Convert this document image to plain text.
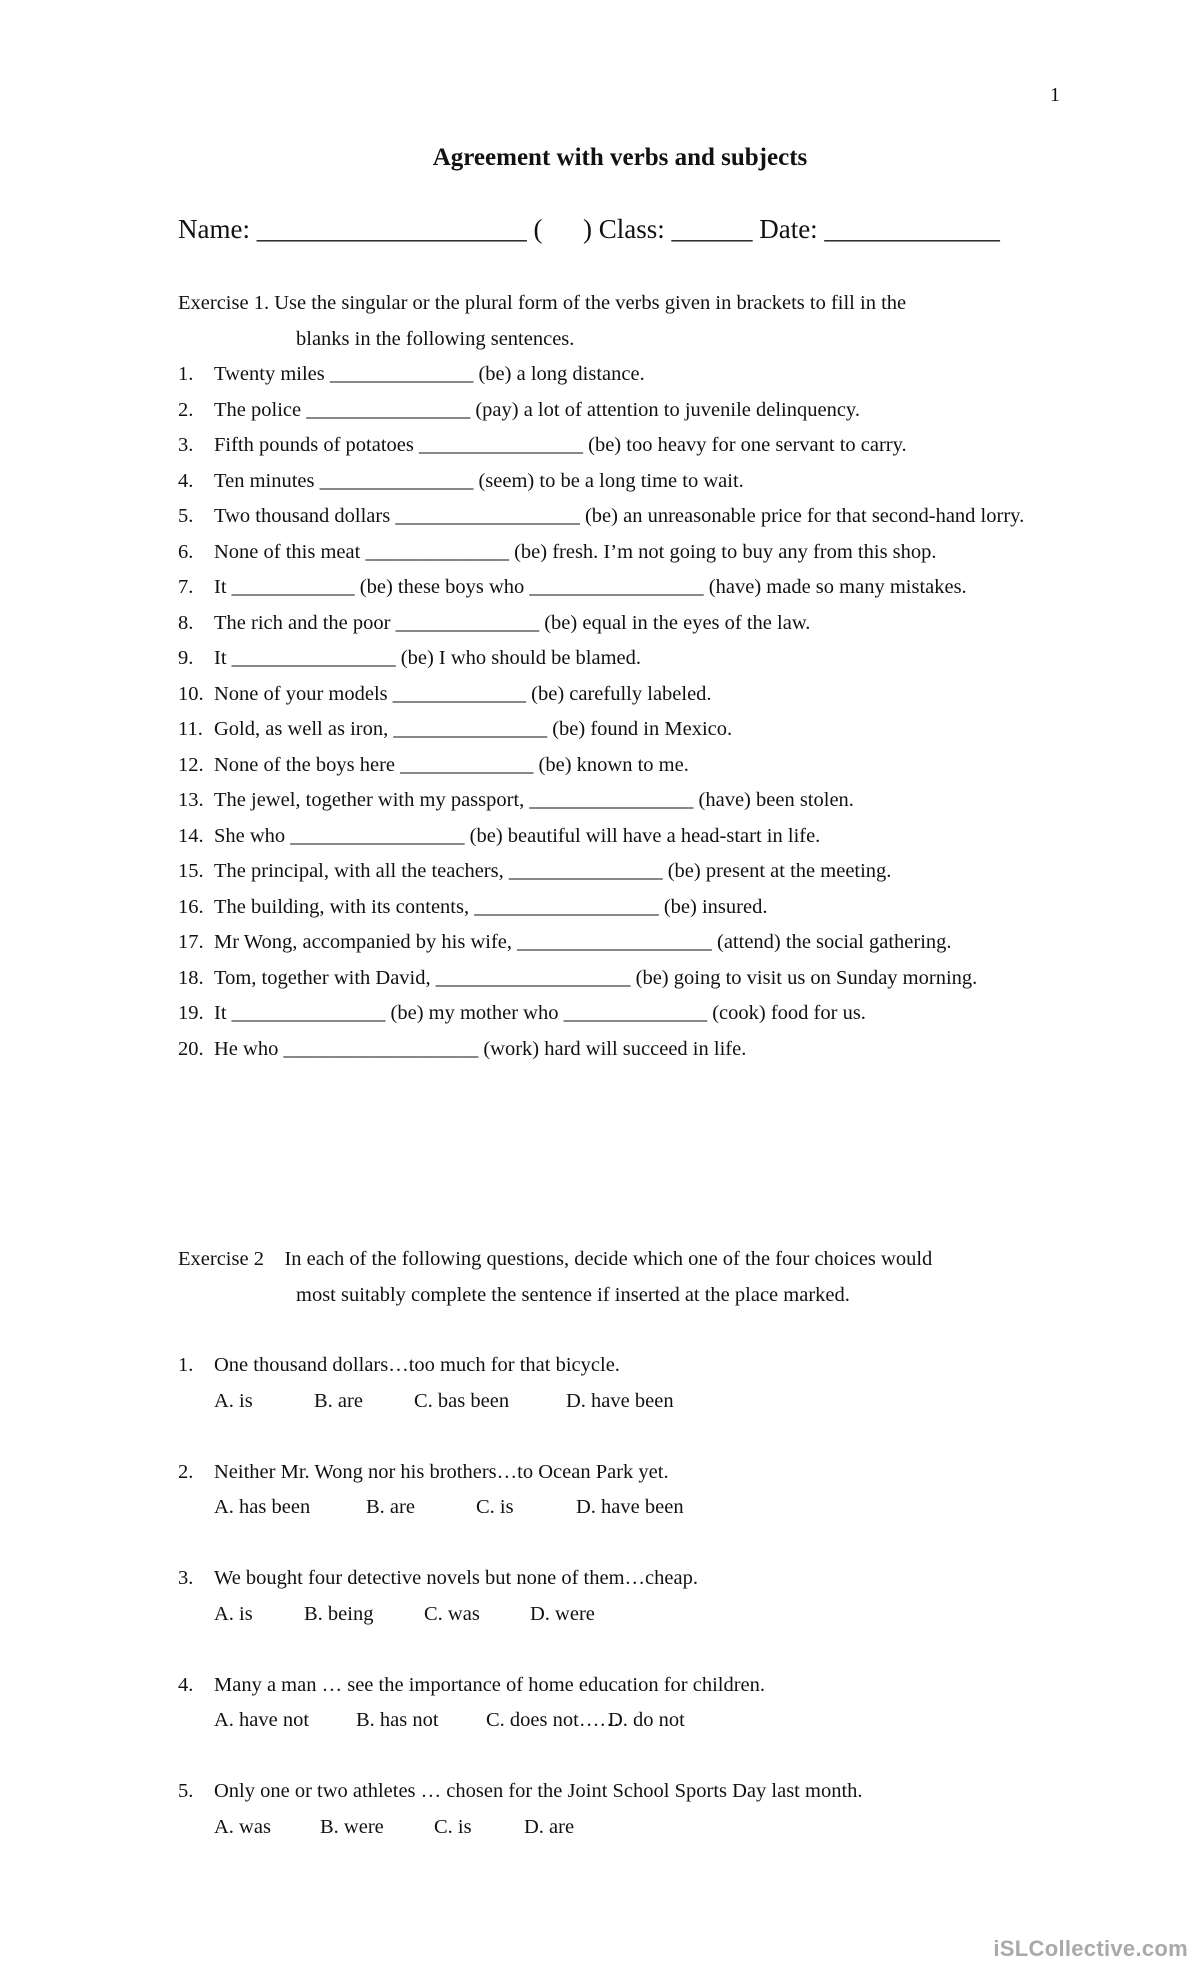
1
Agreement with verbs and subjects
Name: ____________________ (      ) Class: ______ Date: _____________
Exercise 1. Use the singular or the plural form of the verbs given in brackets to fill in the
blanks in the following sentences.
1. Twenty miles ______________ (be) a long distance.
2. The police ________________ (pay) a lot of attention to juvenile delinquency.
3. Fifth pounds of potatoes ________________ (be) too heavy for one servant to carry.
4. Ten minutes _______________ (seem) to be a long time to wait.
5. Two thousand dollars __________________ (be) an unreasonable price for that second-hand lorry.
6. None of this meat ______________ (be) fresh. I’m not going to buy any from this shop.
7. It ____________ (be) these boys who _________________ (have) made so many mistakes.
8. The rich and the poor ______________ (be) equal in the eyes of the law.
9. It ________________ (be) I who should be blamed.
10. None of your models _____________ (be) carefully labeled.
11. Gold, as well as iron, _______________ (be) found in Mexico.
12. None of the boys here _____________ (be) known to me.
13. The jewel, together with my passport, ________________ (have) been stolen.
14. She who _________________ (be) beautiful will have a head-start in life.
15. The principal, with all the teachers, _______________ (be) present at the meeting.
16. The building, with its contents, __________________ (be) insured.
17. Mr Wong, accompanied by his wife, ___________________ (attend) the social gathering.
18. Tom, together with David, ___________________ (be) going to visit us on Sunday morning.
19. It _______________ (be) my mother who ______________ (cook) food for us.
20. He who ___________________ (work) hard will succeed in life.
Exercise 2    In each of the following questions, decide which one of the four choices would
most suitably complete the sentence if inserted at the place marked.
1. One thousand dollars…too much for that bicycle.
A. is	B. are C. bas been	D. have been
2. Neither Mr. Wong nor his brothers…to Ocean Park yet.
A. has been	B. are	C. is	D. have been
3. We bought four detective novels but none of them…cheap.
A. is	B. being C. was D. were
4. Many a man … see the importance of home education for children.
A. have not B. has not C. does not……
D. do not
5. Only one or two athletes … chosen for the Joint School Sports Day last month.
A. was B. were C. is	D. are
iSLCollective.com
